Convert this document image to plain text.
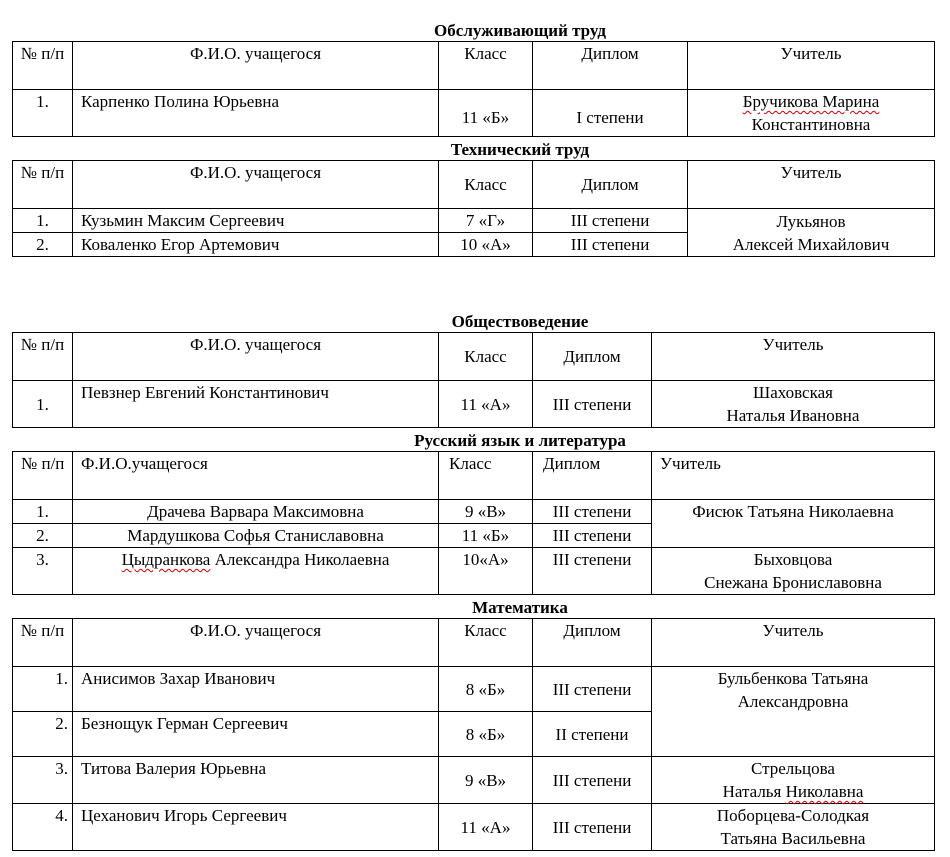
Обслуживающий труд
№ п/п	Ф.И.О. учащегося	Класс	Диплом	Учитель
1.	Карпенко Полина Юрьевна	11 «Б»	I степени	Бручикова Марина
Константиновна
Технический труд
№ п/п	Ф.И.О. учащегося	Класс	Диплом	Учитель
1.	Кузьмин Максим Сергеевич	7 «Г»	III степени	Лукьянов
Алексей Михайлович
2.	Коваленко Егор Артемович	10 «А»	III степени	
Обществоведение
№ п/п	Ф.И.О. учащегося	Класс	Диплом	Учитель
1.	Певзнер Евгений Константинович	11 «А»	III степени	Шаховская
Наталья Ивановна
Русский язык и литература
№ п/п	Ф.И.О.учащегося	Класс	Диплом	Учитель
1.	Драчева Варвара Максимовна	9 «В»	III степени	Фисюк Татьяна Николаевна
2.	Мардушкова Софья Станиславовна	11 «Б»	III степени	
3.	Цыдранкова Александра Николаевна	10«А»	III степени	Быховцова
Снежана Брониславовна
Математика
№ п/п	Ф.И.О. учащегося	Класс	Диплом	Учитель
1.	Анисимов Захар Иванович	8 «Б»	III степени	Бульбенкова Татьяна
Александровна
2.	Безнощук Герман Сергеевич	8 «Б»	II степени	
3.	Титова Валерия Юрьевна	9 «В»	III степени	Стрельцова
Наталья Николавна
4.	Цеханович Игорь Сергеевич	11 «А»	III степени	Поборцева-Солодкая
Татьяна Васильевна
